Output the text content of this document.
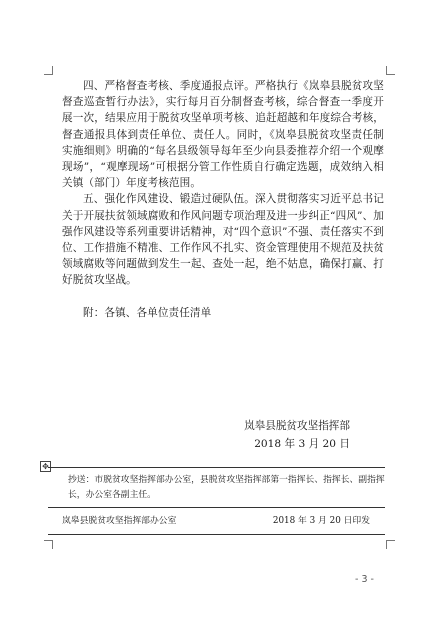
四、严格督查考核、季度通报点评。严格执行《岚皋县脱贫攻坚督查巡查暂行办法》，实行每月百分制督查考核，综合督查一季度开展一次，结果应用于脱贫攻坚单项考核、追赶超越和年度综合考核，督查通报具体到责任单位、责任人。同时，《岚皋县脱贫攻坚责任制实施细则》明确的“每名县级领导每年至少向县委推荐介绍一个观摩现场”，“观摩现场”可根据分管工作性质自行确定选题，成效纳入相关镇（部门）年度考核范围。

五、强化作风建设、锻造过硬队伍。深入贯彻落实习近平总书记关于开展扶贫领域腐败和作风问题专项治理及进一步纠正“四风”、加强作风建设等系列重要讲话精神，对“四个意识”不强、责任落实不到位、工作措施不精准、工作作风不扎实、资金管理使用不规范及扶贫领域腐败等问题做到发生一起、查处一起，绝不姑息，确保打赢、打好脱贫攻坚战。

附：各镇、各单位责任清单

岚皋县脱贫攻坚指挥部
2018 年 3 月 20 日
✥
抄送：市脱贫攻坚指挥部办公室，县脱贫攻坚指挥部第一指挥长、指挥长、副指挥长，办公室各副主任。
岚皋县脱贫攻坚指挥部办公室	2018 年 3 月 20 日印发
- 3 -
